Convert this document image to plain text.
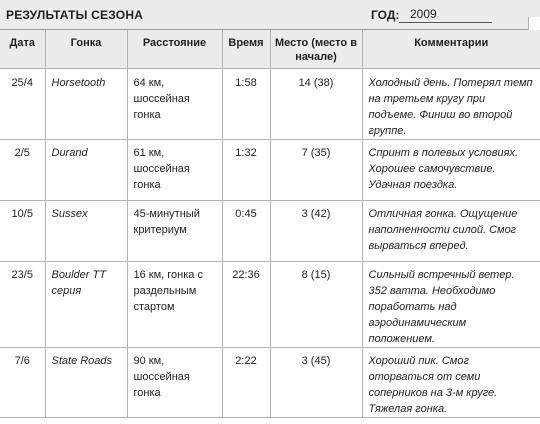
РЕЗУЛЬТАТЫ СЕЗОНА	ГОД: 2009
Дата	Гонка	Расстояние	Время	Место (место в начале)	Комментарии
25/4	Horsetooth	64 км, шоссейная гонка	1:58	14 (38)	Холодный день. Потерял темп на третьем кругу при подъеме. Финиш во второй группе.
2/5	Durand	61 км, шоссейная гонка	1:32	7 (35)	Спринт в полевых условиях. Хорошее самочувствие. Удачная поездка.
10/5	Sussex	45-минутный критериум	0:45	3 (42)	Отличная гонка. Ощущение наполненности силой. Смог вырваться вперед.
23/5	Boulder TT серия	16 км, гонка с раздельным стартом	22:36	8 (15)	Сильный встречный ветер. 352 ватта. Необходимо поработать над аэродинамическим положением.
7/6	State Roads	90 км, шоссейная гонка	2:22	3 (45)	Хороший пик. Смог оторваться от семи соперников на 3-м круге. Тяжелая гонка.
